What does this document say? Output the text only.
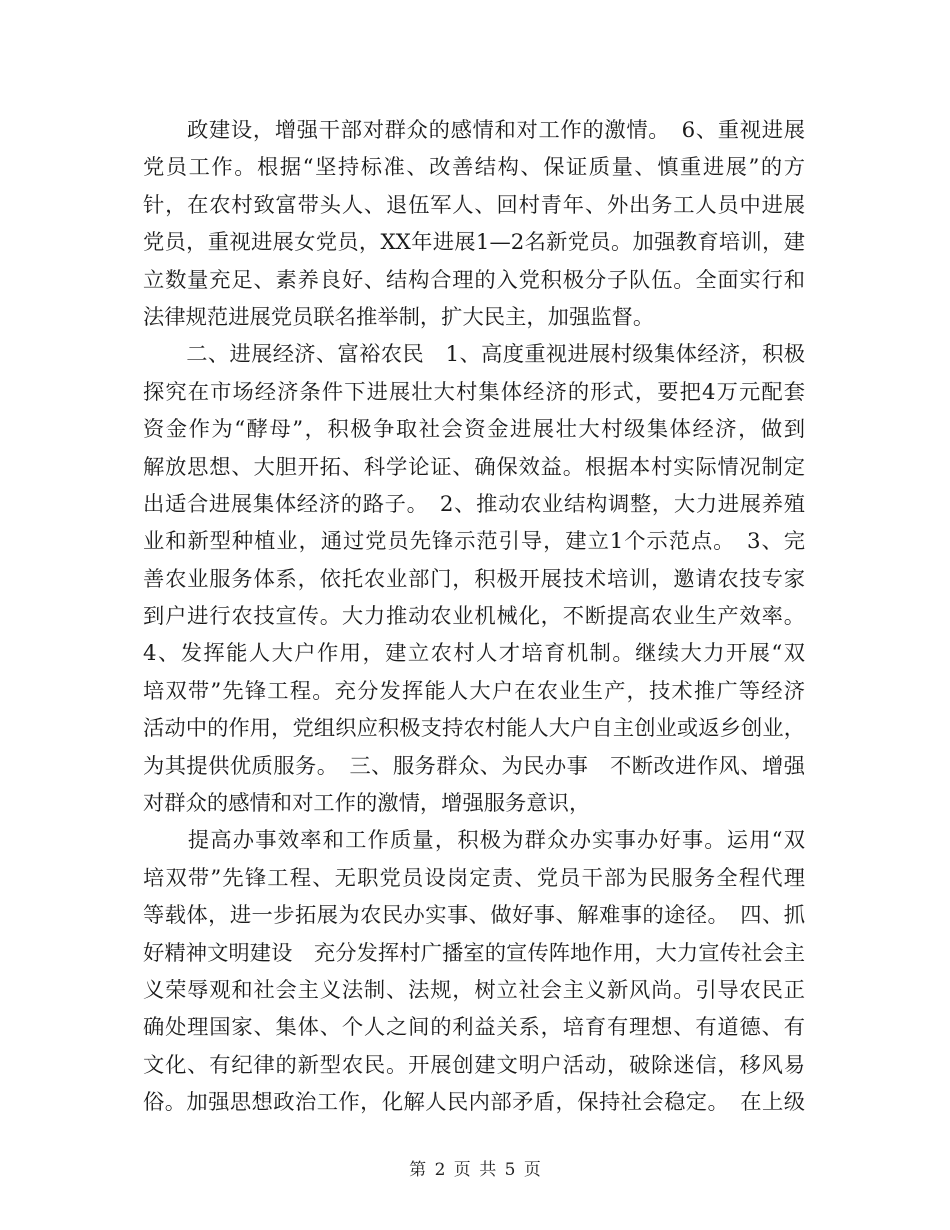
　　政建设，增强干部对群众的感情和对工作的激情。　6、重视进展
党员工作。根据“坚持标准、改善结构、保证质量、慎重进展”的方
针，在农村致富带头人、退伍军人、回村青年、外出务工人员中进展
党员，重视进展女党员，XX年进展1—2名新党员。加强教育培训，建
立数量充足、素养良好、结构合理的入党积极分子队伍。全面实行和
法律规范进展党员联名推举制，扩大民主，加强监督。
　　二、进展经济、富裕农民　1、高度重视进展村级集体经济，积极
探究在市场经济条件下进展壮大村集体经济的形式，要把4万元配套
资金作为“酵母”，积极争取社会资金进展壮大村级集体经济，做到
解放思想、大胆开拓、科学论证、确保效益。根据本村实际情况制定
出适合进展集体经济的路子。　2、推动农业结构调整，大力进展养殖
业和新型种植业，通过党员先锋示范引导，建立1个示范点。　3、完
善农业服务体系，依托农业部门，积极开展技术培训，邀请农技专家
到户进行农技宣传。大力推动农业机械化，不断提高农业生产效率。
4、发挥能人大户作用，建立农村人才培育机制。继续大力开展“双
培双带”先锋工程。充分发挥能人大户在农业生产，技术推广等经济
活动中的作用，党组织应积极支持农村能人大户自主创业或返乡创业，
为其提供优质服务。　三、服务群众、为民办事　不断改进作风、增强
对群众的感情和对工作的激情，增强服务意识，
　　提高办事效率和工作质量，积极为群众办实事办好事。运用“双
培双带”先锋工程、无职党员设岗定责、党员干部为民服务全程代理
等载体，进一步拓展为农民办实事、做好事、解难事的途径。　四、抓
好精神文明建设　充分发挥村广播室的宣传阵地作用，大力宣传社会主
义荣辱观和社会主义法制、法规，树立社会主义新风尚。引导农民正
确处理国家、集体、个人之间的利益关系，培育有理想、有道德、有
文化、有纪律的新型农民。开展创建文明户活动，破除迷信，移风易
俗。加强思想政治工作，化解人民内部矛盾，保持社会稳定。　在上级
第 2 页 共 5 页
